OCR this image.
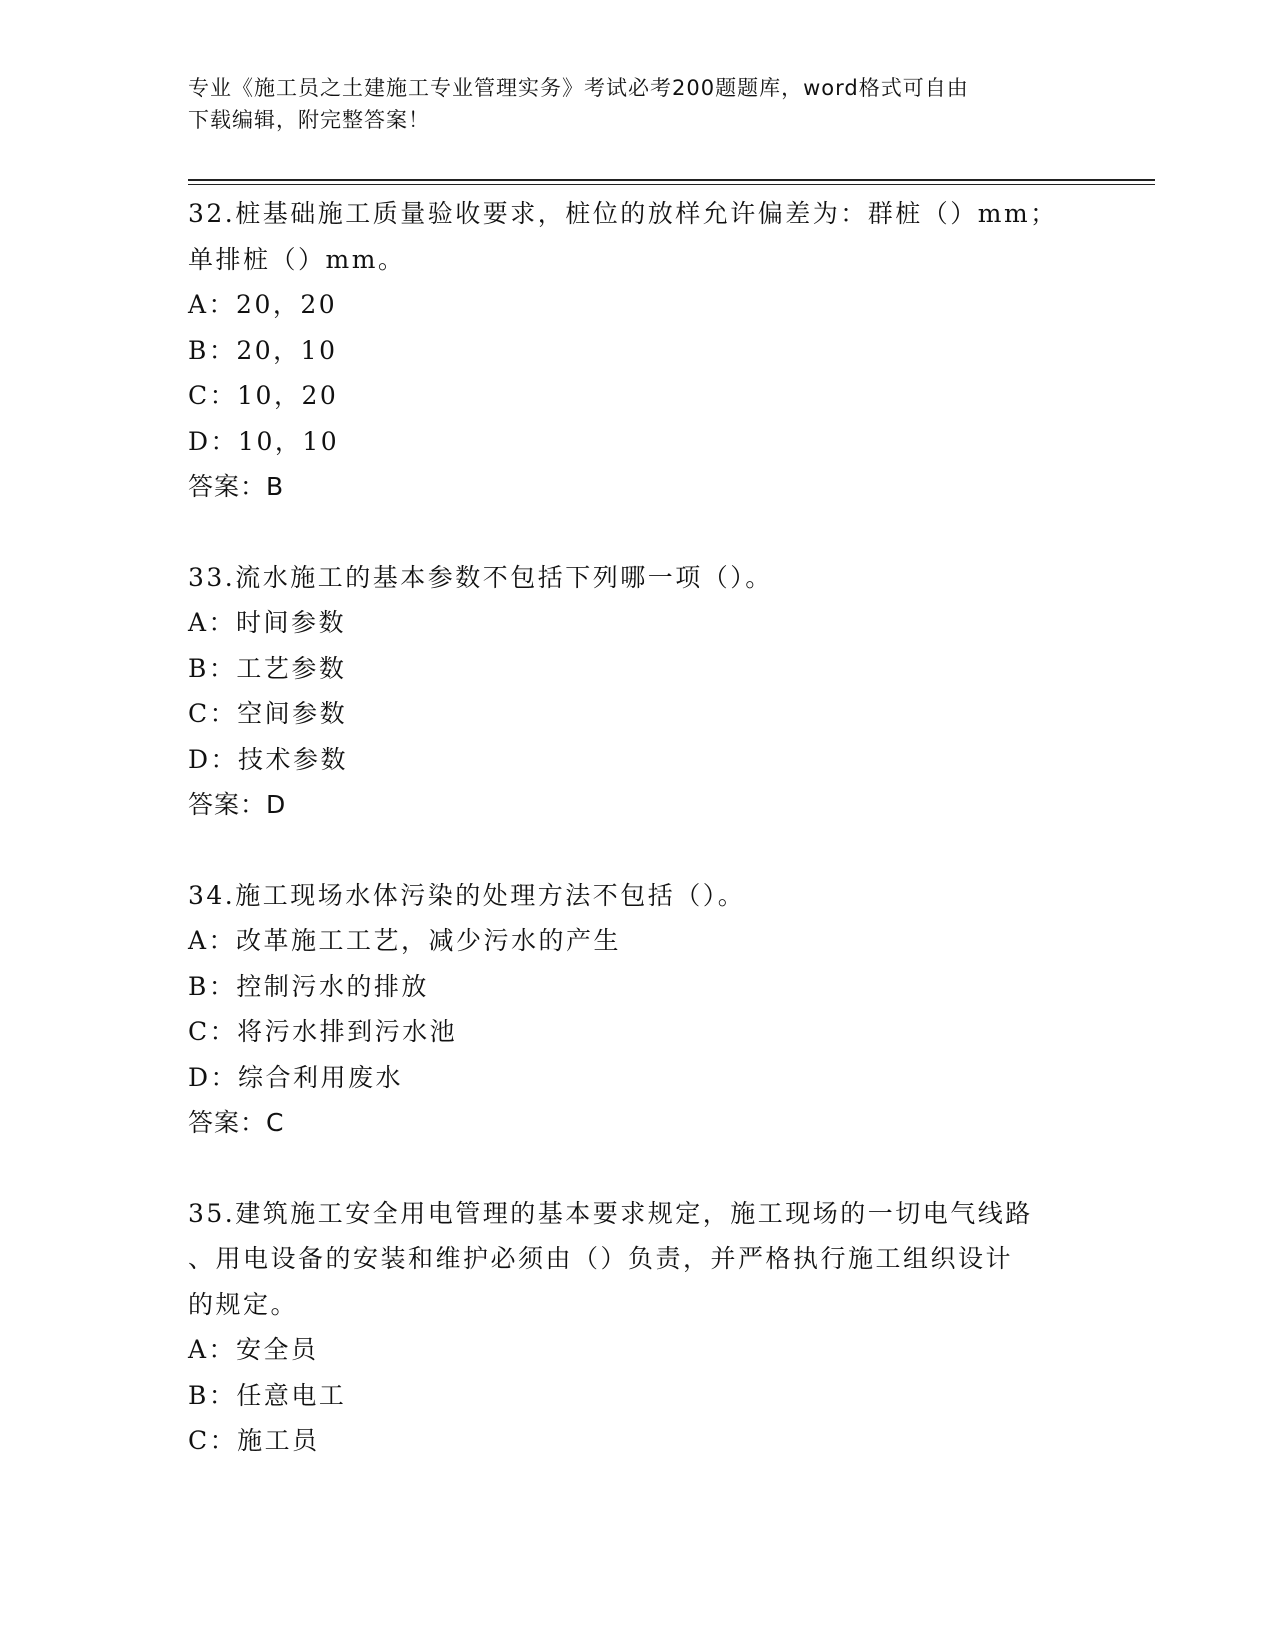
专业《施工员之土建施工专业管理实务》考试必考200题题库，word格式可自由
下载编辑，附完整答案！
32.桩基础施工质量验收要求，桩位的放样允许偏差为：群桩（）mm；
单排桩（）mm。
A：20，20
B：20，10
C：10，20
D：10，10
答案：B
33.流水施工的基本参数不包括下列哪一项（）。
A：时间参数
B：工艺参数
C：空间参数
D：技术参数
答案：D
34.施工现场水体污染的处理方法不包括（）。
A：改革施工工艺，减少污水的产生
B：控制污水的排放
C：将污水排到污水池
D：综合利用废水
答案：C
35.建筑施工安全用电管理的基本要求规定，施工现场的一切电气线路
、用电设备的安装和维护必须由（）负责，并严格执行施工组织设计
的规定。
A：安全员
B：任意电工
C：施工员
